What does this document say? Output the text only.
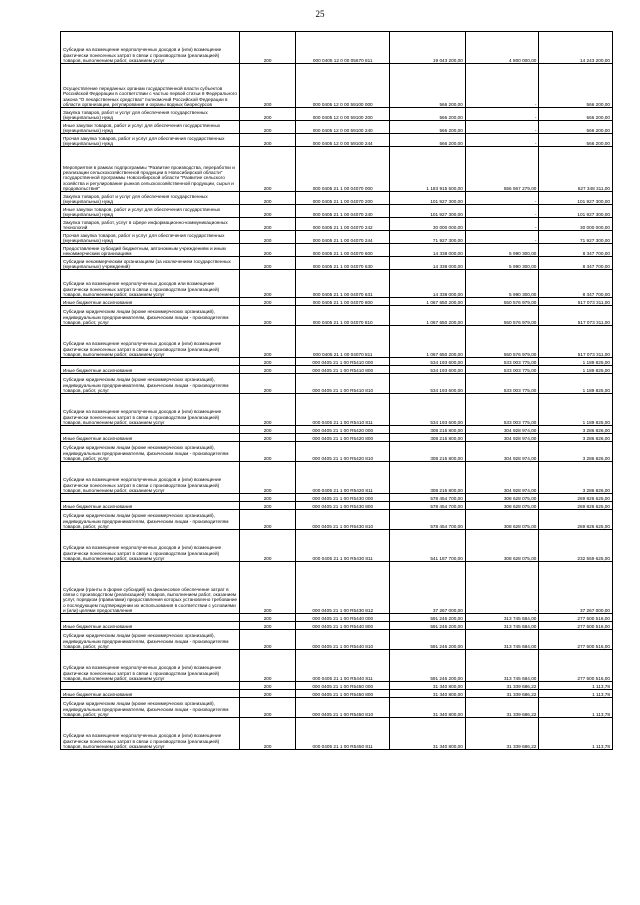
25
Субсидии на возмещение недополученных доходов и (или) возмещение фактически понесенных затрат в связи с производством (реализацией) товаров, выполнением работ, оказанием услуг	200	000 0405 12 0 00 05670 811	19 043 200,00	4 800 000,00	14 243 200,00
Осуществление переданных органам государственной власти субъектов Российской Федерации в соответствии с частью первой статьи 8 Федерального закона "О лекарственных средствах" полномочий Российской Федерации в области организации, регулирования и охраны водных биоресурсов	200	000 0405 12 0 00 59100 000	566 200,00	-	566 200,00
Закупка товаров, работ и услуг для обеспечения государственных (муниципальных) нужд	200	000 0405 12 0 00 59100 200	566 200,00	-	566 200,00
Иные закупки товаров, работ и услуг для обеспечения государственных (муниципальных) нужд	200	000 0405 12 0 00 59100 240	566 200,00	-	566 200,00
Прочая закупка товаров, работ и услуг для обеспечения государственных (муниципальных) нужд	200	000 0405 12 0 00 59100 244	566 200,00	-	566 200,00
Мероприятия в рамках подпрограммы "Развитие производства, переработки и реализации сельскохозяйственной продукции в Новосибирской области" государственной программы Новосибирской области "Развитие сельского хозяйства и регулирование рынков сельскохозяйственной продукции, сырья и продовольствия"	200	000 0405 21 1 00 04070 000	1 183 915 500,00	556 567 279,00	627 348 311,00
Закупка товаров, работ и услуг для обеспечения государственных (муниципальных) нужд	200	000 0405 21 1 00 04070 200	101 927 300,00	-	101 927 300,00
Иные закупки товаров, работ и услуг для обеспечения государственных (муниципальных) нужд	200	000 0405 21 1 00 04070 240	101 927 300,00	-	101 927 300,00
Закупка товаров, работ, услуг в сфере информационно-коммуникационных технологий	200	000 0405 21 1 00 04070 242	30 000 000,00	-	30 000 000,00
Прочая закупка товаров, работ и услуг для обеспечения государственных (муниципальных) нужд	200	000 0405 21 1 00 04070 244	71 927 300,00	-	71 927 300,00
Предоставление субсидий бюджетным, автономным учреждениям и иным некоммерческим организациям	200	000 0405 21 1 00 04070 600	14 338 000,00	5 990 300,00	8 347 700,00
Субсидии некоммерческим организациям (за исключением государственных (муниципальных) учреждений)	200	000 0405 21 1 00 04070 630	14 338 000,00	5 990 300,00	8 347 700,00
Субсидии на возмещение недополученных доходов или возмещение фактически понесенных затрат в связи с производством (реализацией) товаров, выполнением работ, оказанием услуг	200	000 0405 21 1 00 04070 631	14 338 000,00	5 990 300,00	8 347 700,00
Иные бюджетные ассигнования	200	000 0405 21 1 00 04070 800	1 067 650 200,00	550 576 979,00	517 073 311,00
Субсидии юридическим лицам (кроме некоммерческих организаций), индивидуальным предпринимателям, физическим лицам - производителям товаров, работ, услуг	200	000 0405 21 1 00 04070 810	1 067 650 200,00	550 576 979,00	517 073 311,00
Субсидии на возмещение недополученных доходов и (или) возмещение фактически понесенных затрат в связи с производством (реализацией) товаров, выполнением работ, оказанием услуг	200	000 0405 21 1 00 04070 811	1 067 650 200,00	550 576 979,00	517 073 311,00
	200	000 0405 21 1 00 R5410 000	534 193 600,00	533 003 775,00	1 189 825,00
Иные бюджетные ассигнования	200	000 0405 21 1 00 R5410 800	534 193 600,00	533 003 775,00	1 189 825,00
Субсидии юридическим лицам (кроме некоммерческих организаций), индивидуальным предпринимателям, физическим лицам - производителям товаров, работ, услуг	200	000 0405 21 1 00 R5410 810	534 193 600,00	533 003 775,00	1 189 825,00
Субсидии на возмещение недополученных доходов и (или) возмещение фактически понесенных затрат в связи с производством (реализацией) товаров, выполнением работ, оказанием услуг	200	000 0405 21 1 00 R5410 811	534 193 600,00	533 003 775,00	1 189 825,00
	200	000 0405 21 1 00 R5420 000	308 215 800,00	304 928 974,00	3 286 826,00
Иные бюджетные ассигнования	200	000 0405 21 1 00 R5420 800	308 215 800,00	304 928 974,00	3 286 826,00
Субсидии юридическим лицам (кроме некоммерческих организаций), индивидуальным предпринимателям, физическим лицам - производителям товаров, работ, услуг	200	000 0405 21 1 00 R5420 810	308 215 800,00	304 928 974,00	3 286 826,00
Субсидии на возмещение недополученных доходов и (или) возмещение фактически понесенных затрат в связи с производством (реализацией) товаров, выполнением работ, оказанием услуг	200	000 0405 21 1 00 R5420 811	308 215 800,00	304 928 974,00	3 286 826,00
	200	000 0405 21 1 00 R5430 000	578 454 700,00	308 628 075,00	269 826 625,00
Иные бюджетные ассигнования	200	000 0405 21 1 00 R5430 800	578 454 700,00	308 628 075,00	269 826 625,00
Субсидии юридическим лицам (кроме некоммерческих организаций), индивидуальным предпринимателям, физическим лицам - производителям товаров, работ, услуг	200	000 0405 21 1 00 R5430 810	578 454 700,00	308 628 075,00	269 826 625,00
Субсидии на возмещение недополученных доходов и (или) возмещение фактически понесенных затрат в связи с производством (реализацией) товаров, выполнением работ, оказанием услуг	200	000 0405 21 1 00 R5430 811	541 187 700,00	308 628 075,00	232 559 625,00
Субсидии (гранты в форме субсидий) на финансовое обеспечение затрат в связи с производством (реализацией) товаров, выполнением работ, оказанием услуг, порядком (правилами) предоставления которых установлено требование о последующем подтверждении их использования в соответствии с условиями и (или) целями предоставления	200	000 0405 21 1 00 R5430 812	37 267 000,00	-	37 267 000,00
	200	000 0405 21 1 00 R5440 000	591 246 200,00	313 745 684,00	277 500 516,00
Иные бюджетные ассигнования	200	000 0405 21 1 00 R5440 800	591 246 200,00	313 745 684,00	277 500 516,00
Субсидии юридическим лицам (кроме некоммерческих организаций), индивидуальным предпринимателям, физическим лицам - производителям товаров, работ, услуг	200	000 0405 21 1 00 R5440 810	591 246 200,00	313 745 684,00	277 500 516,00
Субсидии на возмещение недополученных доходов и (или) возмещение фактически понесенных затрат в связи с производством (реализацией) товаров, выполнением работ, оказанием услуг	200	000 0405 21 1 00 R5440 811	591 246 200,00	313 745 684,00	277 500 516,00
	200	000 0405 21 1 00 R5450 000	31 340 800,00	31 339 686,22	1 113,78
Иные бюджетные ассигнования	200	000 0405 21 1 00 R5450 800	31 340 800,00	31 339 686,22	1 113,78
Субсидии юридическим лицам (кроме некоммерческих организаций), индивидуальным предпринимателям, физическим лицам - производителям товаров, работ, услуг	200	000 0405 21 1 00 R5450 810	31 340 800,00	31 339 686,22	1 113,78
Субсидии на возмещение недополученных доходов и (или) возмещение фактически понесенных затрат в связи с производством (реализацией) товаров, выполнением работ, оказанием услуг	200	000 0405 21 1 00 R5450 811	31 340 800,00	31 339 686,22	1 113,78
